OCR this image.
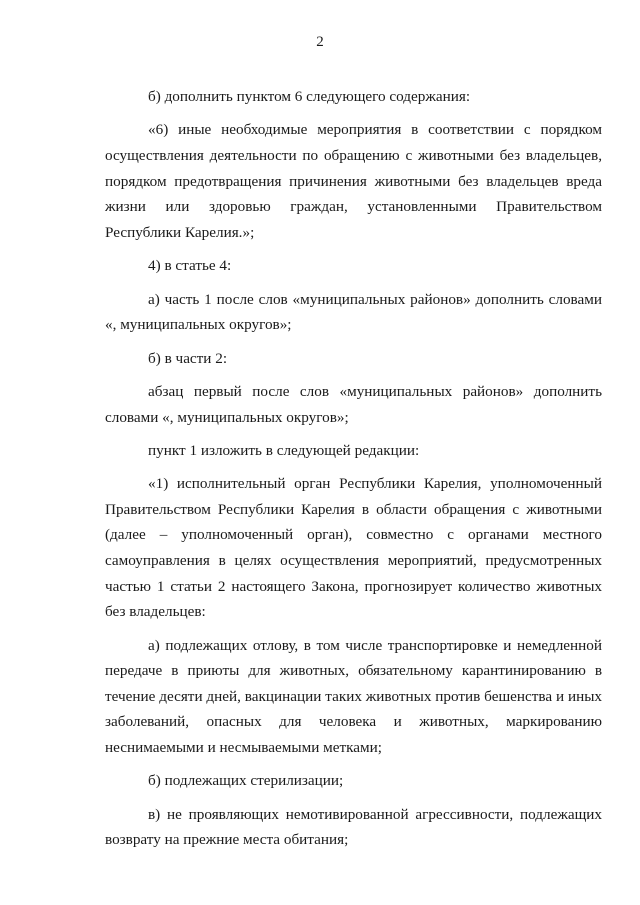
2

б) дополнить пунктом 6 следующего содержания:

«6) иные необходимые мероприятия в соответствии с порядком осуществления деятельности по обращению с животными без владельцев, порядком предотвращения причинения животными без владельцев вреда жизни или здоровью граждан, установленными Правительством Республики Карелия.»;

4) в статье 4:

а) часть 1 после слов «муниципальных районов» дополнить словами «, муниципальных округов»;

б) в части 2:

абзац первый после слов «муниципальных районов» дополнить словами «, муниципальных округов»;

пункт 1 изложить в следующей редакции:

«1) исполнительный орган Республики Карелия, уполномоченный Правительством Республики Карелия в области обращения с животными (далее – уполномоченный орган), совместно с органами местного самоуправления в целях осуществления мероприятий, предусмотренных частью 1 статьи 2 настоящего Закона, прогнозирует количество животных без владельцев:

а) подлежащих отлову, в том числе транспортировке и немедленной передаче в приюты для животных, обязательному карантинированию в течение десяти дней, вакцинации таких животных против бешенства и иных заболеваний, опасных для человека и животных, маркированию неснимаемыми и несмываемыми метками;

б) подлежащих стерилизации;

в) не проявляющих немотивированной агрессивности, подлежащих возврату на прежние места обитания;
